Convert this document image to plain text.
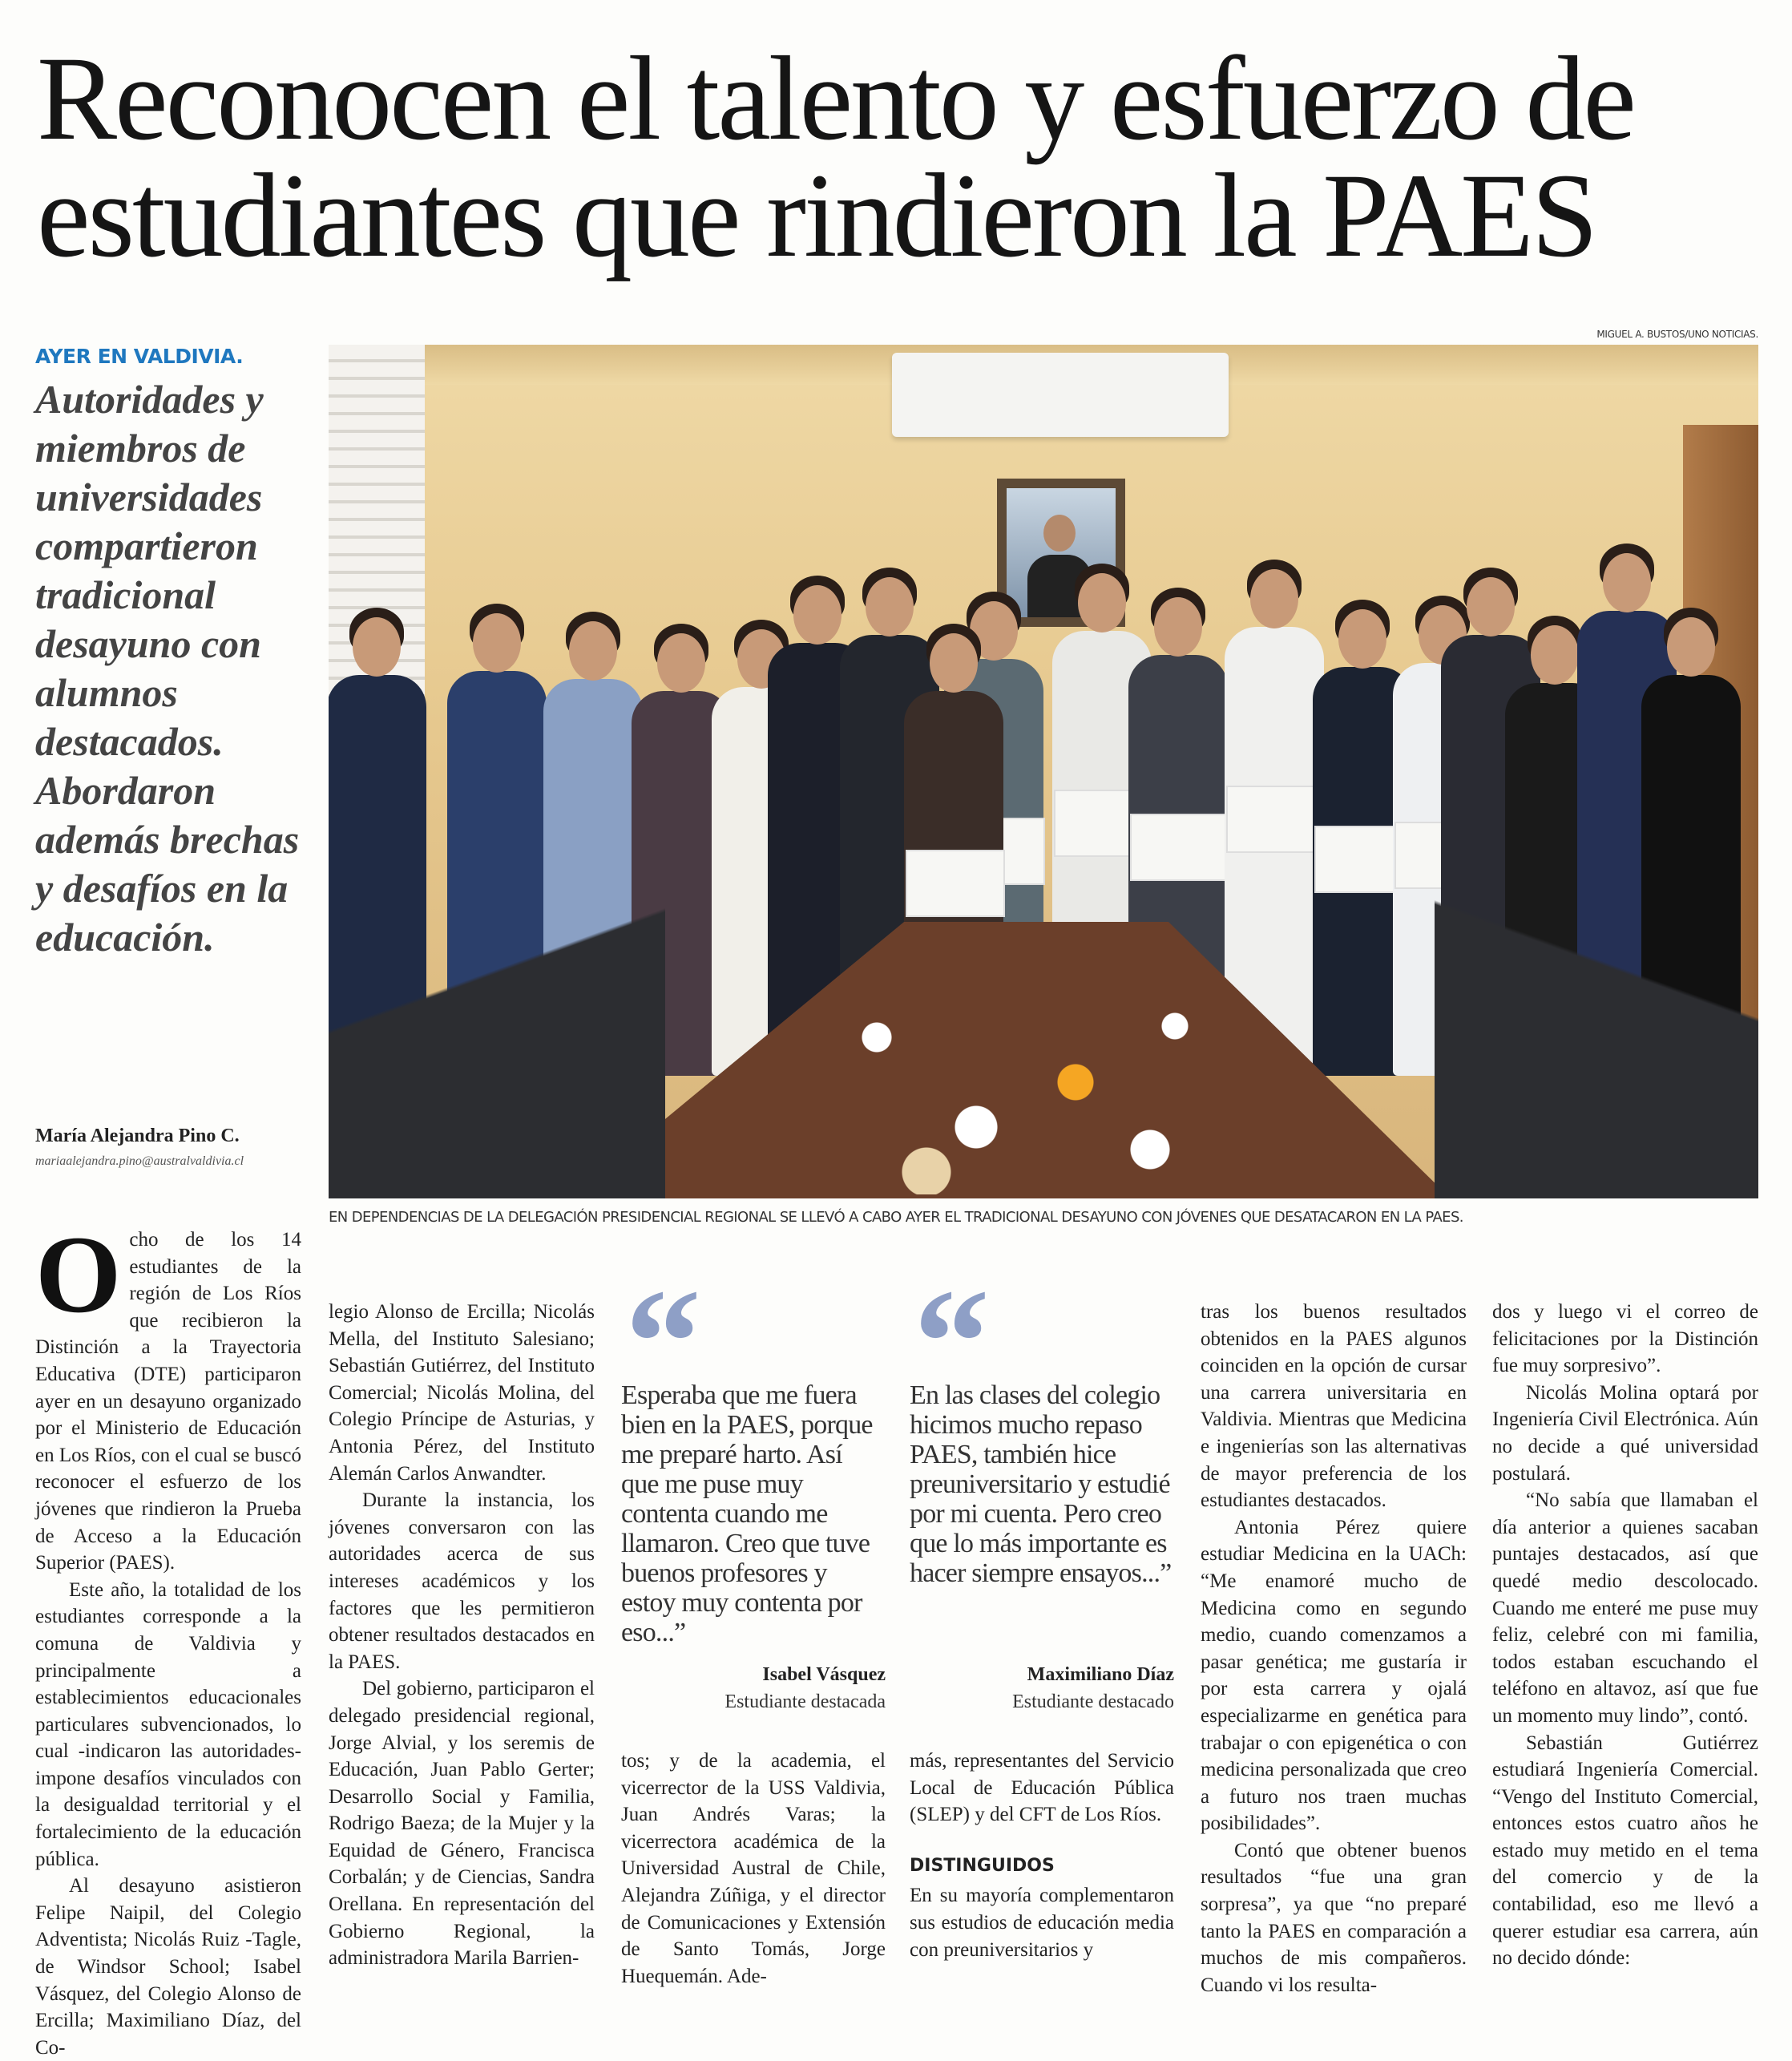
Reconocen el talento y esfuerzo de
estudiantes que rindieron la PAES
AYER EN VALDIVIA.
Autoridades y miembros de universidades compartieron tradicional desayuno con alumnos destacados. Abordaron además brechas y desafíos en la educación.
María Alejandra Pino C.
mariaalejandra.pino@australvaldivia.cl
MIGUEL A. BUSTOS/UNO NOTICIAS.
EN DEPENDENCIAS DE LA DELEGACIÓN PRESIDENCIAL REGIONAL SE LLEVÓ A CABO AYER EL TRADICIONAL DESAYUNO CON JÓVENES QUE DESATACARON EN LA PAES.

Ocho de los 14 estudiantes de la región de Los Ríos que recibieron la Distinción a la Trayectoria Educativa (DTE) participaron ayer en un desayuno organizado por el Ministerio de Educación en Los Ríos, con el cual se buscó reconocer el esfuerzo de los jóvenes que rindieron la Prueba de Acceso a la Educación Superior (PAES).

Este año, la totalidad de los estudiantes corresponde a la comuna de Valdivia y principalmente a establecimientos educacionales particulares subvencionados, lo cual -indicaron las autoridades- impone desafíos vinculados con la desigualdad territorial y el fortalecimiento de la educación pública.

Al desayuno asistieron Felipe Naipil, del Colegio Adventista; Nicolás Ruiz -Tagle, de Windsor School; Isabel Vásquez, del Colegio Alonso de Ercilla; Maximiliano Díaz, del Co-

legio Alonso de Ercilla; Nicolás Mella, del Instituto Salesiano; Sebastián Gutiérrez, del Instituto Comercial; Nicolás Molina, del Colegio Príncipe de Asturias, y Antonia Pérez, del Instituto Alemán Carlos Anwandter.

Durante la instancia, los jóvenes conversaron con las autoridades acerca de sus intereses académicos y los factores que les permitieron obtener resultados destacados en la PAES.

Del gobierno, participaron el delegado presidencial regional, Jorge Alvial, y los seremis de Educación, Juan Pablo Gerter; Desarrollo Social y Familia, Rodrigo Baeza; de la Mujer y la Equidad de Género, Francisca Corbalán; y de Ciencias, Sandra Orellana. En representación del Gobierno Regional, la administradora Marila Barrien-

“
Esperaba que me fuera bien en la PAES, porque me preparé harto. Así que me puse muy contenta cuando me llamaron. Creo que tuve buenos profesores y estoy muy contenta por eso...”
Isabel Vásquez
Estudiante destacada

tos; y de la academia, el vicerrector de la USS Valdivia, Juan Andrés Varas; la vicerrectora académica de la Universidad Austral de Chile, Alejandra Zúñiga, y el director de Comunicaciones y Extensión de Santo Tomás, Jorge Huequemán. Ade-

“
En las clases del colegio hicimos mucho repaso PAES, también hice preuniversitario y estudié por mi cuenta. Pero creo que lo más importante es hacer siempre ensayos...”
Maximiliano Díaz
Estudiante destacado

más, representantes del Servicio Local de Educación Pública (SLEP) y del CFT de Los Ríos.

DISTINGUIDOS

En su mayoría complementaron sus estudios de educación media con preuniversitarios y

tras los buenos resultados obtenidos en la PAES algunos coinciden en la opción de cursar una carrera universitaria en Valdivia. Mientras que Medicina e ingenierías son las alternativas de mayor preferencia de los estudiantes destacados.

Antonia Pérez quiere estudiar Medicina en la UACh: “Me enamoré mucho de Medicina como en segundo medio, cuando comenzamos a pasar genética; me gustaría ir por esta carrera y ojalá especializarme en genética para trabajar o con epigenética o con medicina personalizada que creo a futuro nos traen muchas posibilidades”.

Contó que obtener buenos resultados “fue una gran sorpresa”, ya que “no preparé tanto la PAES en comparación a muchos de mis compañeros. Cuando vi los resulta-

dos y luego vi el correo de felicitaciones por la Distinción fue muy sorpresivo”.

Nicolás Molina optará por Ingeniería Civil Electrónica. Aún no decide a qué universidad postulará.

“No sabía que llamaban el día anterior a quienes sacaban puntajes destacados, así que quedé medio descolocado. Cuando me enteré me puse muy feliz, celebré con mi familia, todos estaban escuchando el teléfono en altavoz, así que fue un momento muy lindo”, contó.

Sebastián Gutiérrez estudiará Ingeniería Comercial. “Vengo del Instituto Comercial, entonces estos cuatro años he estado muy metido en el tema del comercio y de la contabilidad, eso me llevó a querer estudiar esa carrera, aún no decido dónde:
